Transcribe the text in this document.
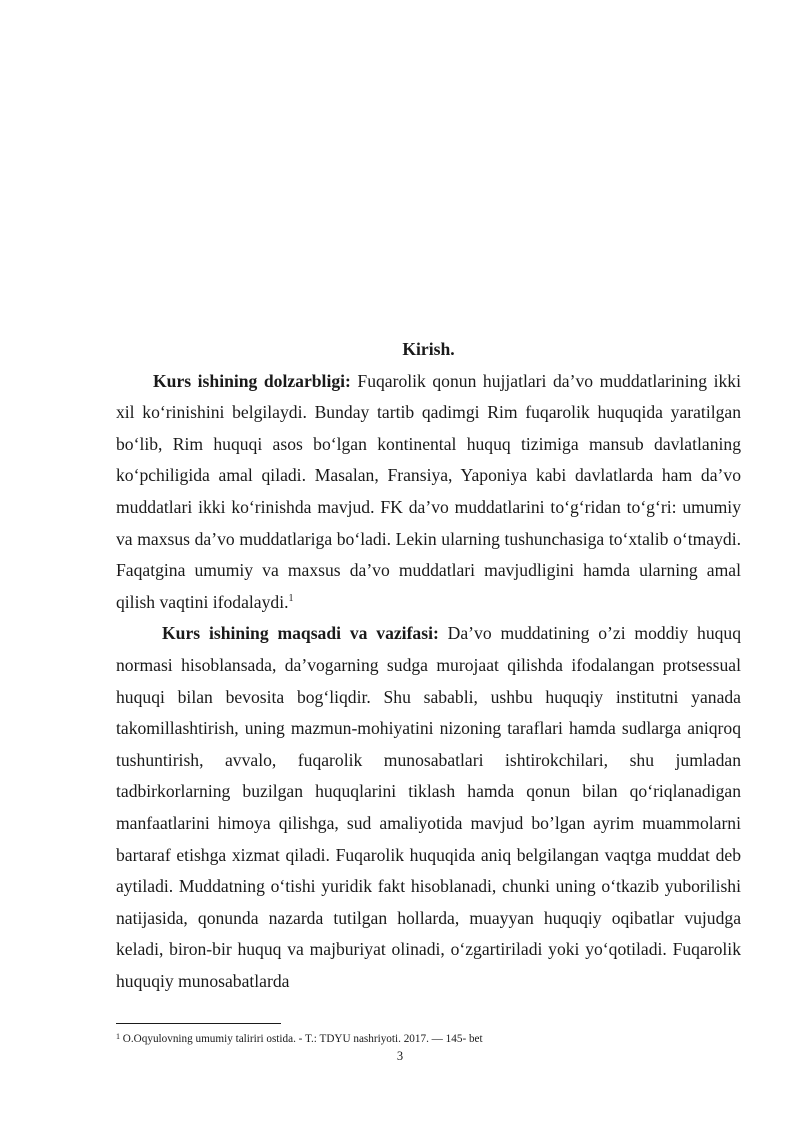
Kirish.

Kurs ishining dolzarbligi: Fuqarolik qonun hujjatlari da’vo muddatlarining ikki xil ko‘rinishini belgilaydi. Bunday tartib qadimgi Rim fuqarolik huquqida yaratilgan bo‘lib, Rim huquqi asos bo‘lgan kontinental huquq tizimiga mansub davlatlaning ko‘pchiligida amal qiladi. Masalan, Fransiya, Yaponiya kabi davlatlarda ham da’vo muddatlari ikki ko‘rinishda mavjud. FK da’vo muddatlarini to‘g‘ridan to‘g‘ri: umumiy va maxsus da’vo muddatlariga bo‘ladi. Lekin ularning tushunchasiga to‘xtalib o‘tmaydi. Faqatgina umumiy va maxsus da’vo muddatlari mavjudligini hamda ularning amal qilish vaqtini ifodalaydi.$^1$

Kurs ishining maqsadi va vazifasi: Da’vo muddatining o’zi moddiy huquq normasi hisoblansada, da’vogarning sudga murojaat qilishda ifodalangan protsessual huquqi bilan bevosita bog‘liqdir. Shu sababli, ushbu huquqiy institutni yanada takomillashtirish, uning mazmun-mohiyatini nizoning taraflari hamda sudlarga aniqroq tushuntirish, avvalo, fuqarolik munosabatlari ishtirokchilari, shu jumladan tadbirkorlarning buzilgan huquqlarini tiklash hamda qonun bilan qo‘riqlanadigan manfaatlarini himoya qilishga, sud amaliyotida mavjud bo’lgan ayrim muammolarni bartaraf etishga xizmat qiladi. Fuqarolik huquqida aniq belgilangan vaqtga muddat deb aytiladi. Muddatning o‘tishi yuridik fakt hisoblanadi, chunki uning o‘tkazib yuborilishi natijasida, qonunda nazarda tutilgan hollarda, muayyan huquqiy oqibatlar vujudga keladi, biron-bir huquq va majburiyat olinadi, o‘zgartiriladi yoki yo‘qotiladi. Fuqarolik huquqiy munosabatlarda

$^1$ O.Oqyulovning umumiy taliriri ostida. - T.: TDYU nashriyoti. 2017. — 145- bet

3
